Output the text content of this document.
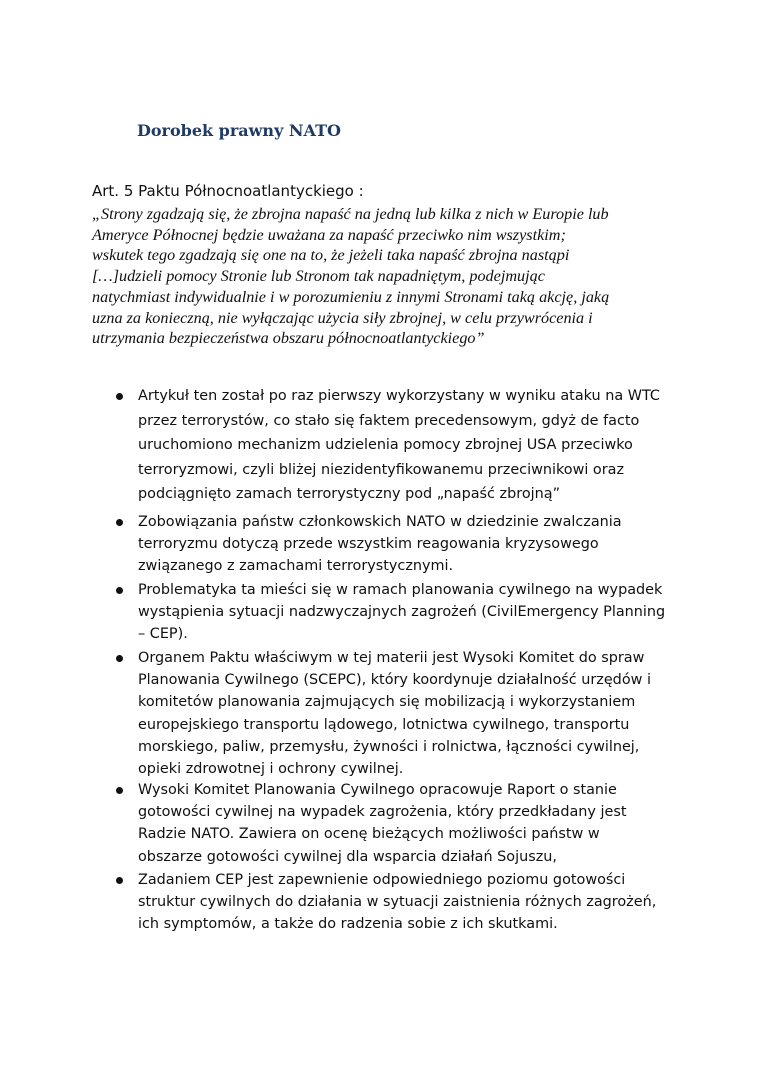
Dorobek prawny NATO
Art. 5 Paktu Północnoatlantyckiego :
„Strony zgadzają się, że zbrojna napaść na jedną lub kilka z nich w Europie lub
Ameryce Północnej będzie uważana za napaść przeciwko nim wszystkim;
wskutek tego zgadzają się one na to, że jeżeli taka napaść zbrojna nastąpi
[…]udzieli pomocy Stronie lub Stronom tak napadniętym, podejmując
natychmiast indywidualnie i w porozumieniu z innymi Stronami taką akcję, jaką
uzna za konieczną, nie wyłączając użycia siły zbrojnej, w celu przywrócenia i
utrzymania bezpieczeństwa obszaru północnoatlantyckiego”
Artykuł ten został po raz pierwszy wykorzystany w wyniku ataku na WTC
przez terrorystów, co stało się faktem precedensowym, gdyż de facto
uruchomiono mechanizm udzielenia pomocy zbrojnej USA przeciwko
terroryzmowi, czyli bliżej niezidentyfikowanemu przeciwnikowi oraz
podciągnięto zamach terrorystyczny pod „napaść zbrojną”
Zobowiązania państw członkowskich NATO w dziedzinie zwalczania
terroryzmu dotyczą przede wszystkim reagowania kryzysowego
związanego z zamachami terrorystycznymi.
Problematyka ta mieści się w ramach planowania cywilnego na wypadek
wystąpienia sytuacji nadzwyczajnych zagrożeń (CivilEmergency Planning
– CEP).
Organem Paktu właściwym w tej materii jest Wysoki Komitet do spraw
Planowania Cywilnego (SCEPC), który koordynuje działalność urzędów i
komitetów planowania zajmujących się mobilizacją i wykorzystaniem
europejskiego transportu lądowego, lotnictwa cywilnego, transportu
morskiego, paliw, przemysłu, żywności i rolnictwa, łączności cywilnej,
opieki zdrowotnej i ochrony cywilnej.
Wysoki Komitet Planowania Cywilnego opracowuje Raport o stanie
gotowości cywilnej na wypadek zagrożenia, który przedkładany jest
Radzie NATO. Zawiera on ocenę bieżących możliwości państw w
obszarze gotowości cywilnej dla wsparcia działań Sojuszu,
Zadaniem CEP jest zapewnienie odpowiedniego poziomu gotowości
struktur cywilnych do działania w sytuacji zaistnienia różnych zagrożeń,
ich symptomów, a także do radzenia sobie z ich skutkami.
